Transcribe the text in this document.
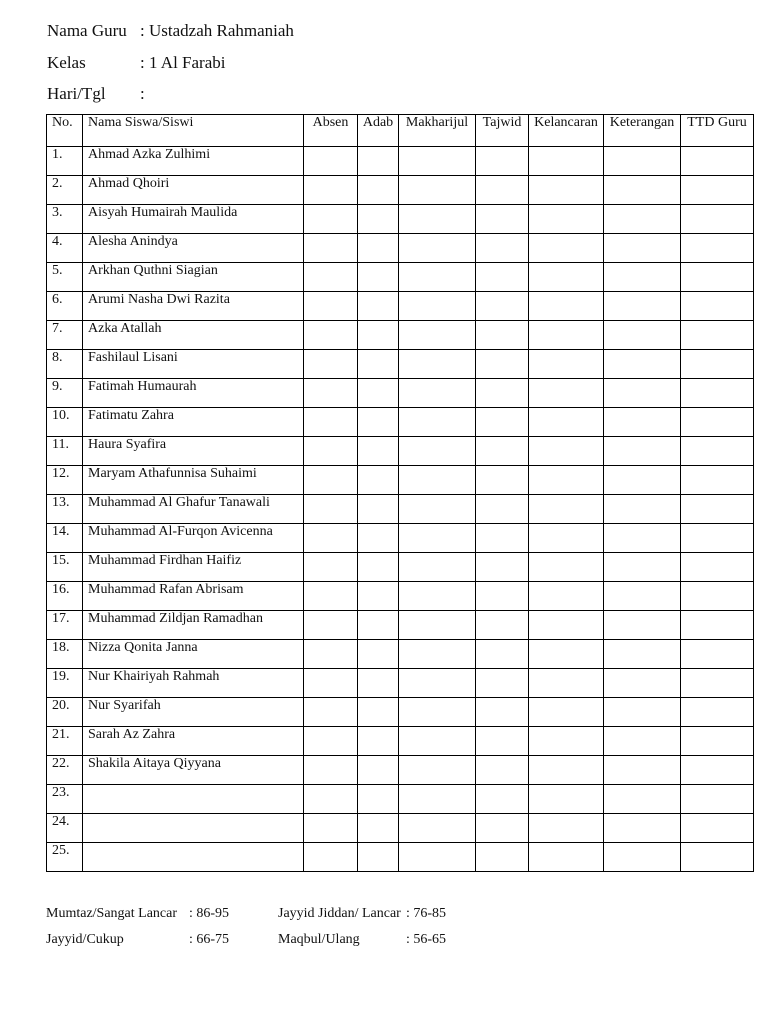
Nama Guru : Ustadzah Rahmaniah
Kelas	: 1 Al Farabi
Hari/Tgl :
No.	Nama Siswa/Siswi	Absen	Adab	Makharijul	Tajwid	Kelancaran	Keterangan	TTD Guru
1.	Ahmad Azka Zulhimi							
2.	Ahmad Qhoiri							
3.	Aisyah Humairah Maulida							
4.	Alesha Anindya							
5.	Arkhan Quthni Siagian							
6.	Arumi Nasha Dwi Razita							
7.	Azka Atallah							
8.	Fashilaul Lisani							
9.	Fatimah Humaurah							
10.	Fatimatu Zahra							
11.	Haura Syafira							
12.	Maryam Athafunnisa Suhaimi							
13.	Muhammad Al Ghafur Tanawali							
14.	Muhammad Al-Furqon Avicenna							
15.	Muhammad Firdhan Haifiz							
16.	Muhammad Rafan Abrisam							
17.	Muhammad Zildjan Ramadhan							
18.	Nizza Qonita Janna							
19.	Nur Khairiyah Rahmah							
20.	Nur Syarifah							
21.	Sarah Az Zahra							
22.	Shakila Aitaya Qiyyana							
23.								
24.								
25.								
Mumtaz/Sangat Lancar : 86-95	Jayyid Jiddan/ Lancar : 76-85
Jayyid/Cukup	: 66-75	Maqbul/Ulang	: 56-65
